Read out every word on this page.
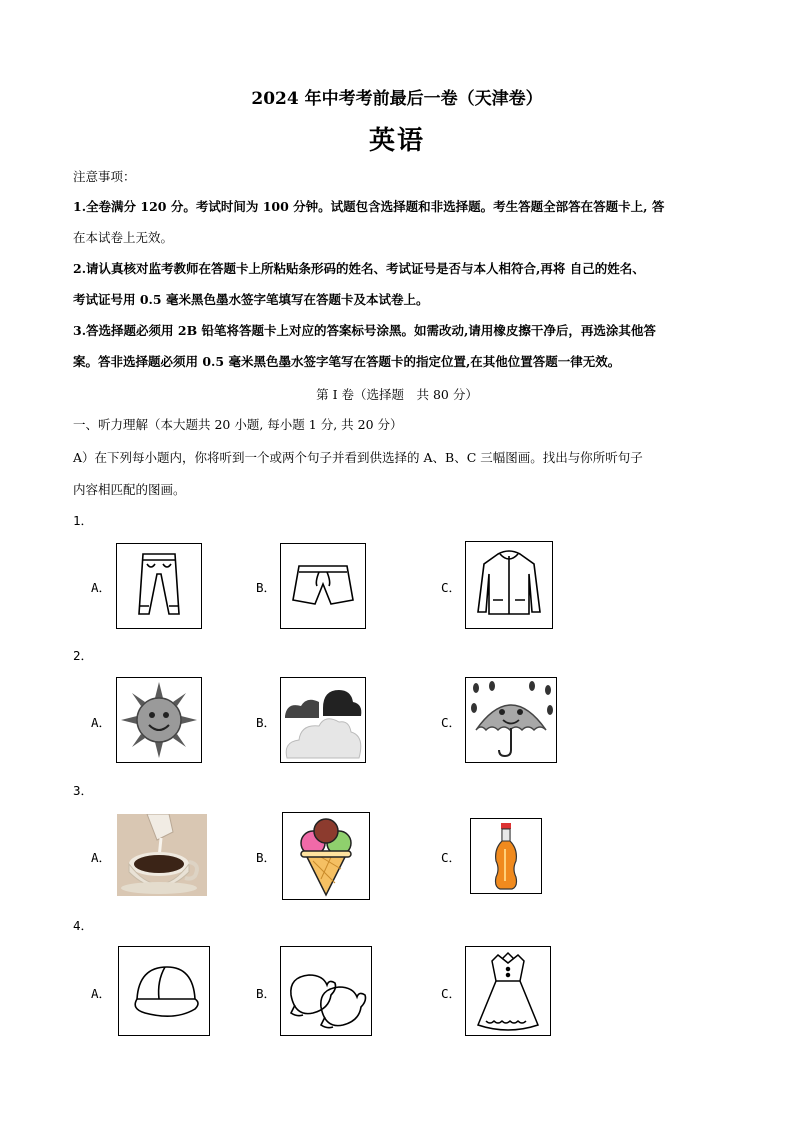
2024 年中考考前最后一卷（天津卷）
英语
注意事项：
1.全卷满分 120 分。考试时间为 100 分钟。试题包含选择题和非选择题。考生答题全部答在答题卡上, 答
在本试卷上无效。
2.请认真核对监考教师在答题卡上所粘贴条形码的姓名、考试证号是否与本人相符合,再将 自己的姓名、
考试证号用 0.5 毫米黑色墨水签字笔填写在答题卡及本试卷上。
3.答选择题必须用 2B 铅笔将答题卡上对应的答案标号涂黑。如需改动,请用橡皮擦干净后，再选涂其他答
案。答非选择题必须用 0.5 毫米黑色墨水签字笔写在答题卡的指定位置,在其他位置答题一律无效。
第 I 卷（选择题　共 80 分）
一、听力理解（本大题共 20 小题, 每小题 1 分, 共 20 分）
A）在下列每小题内，你将听到一个或两个句子并看到供选择的 A、B、C 三幅图画。找出与你所听句子
内容相匹配的图画。
1．
A．	B．	C．
2．
A．	B．	C．
3．
A．	B．	C．
4．
A．	B．	C．
